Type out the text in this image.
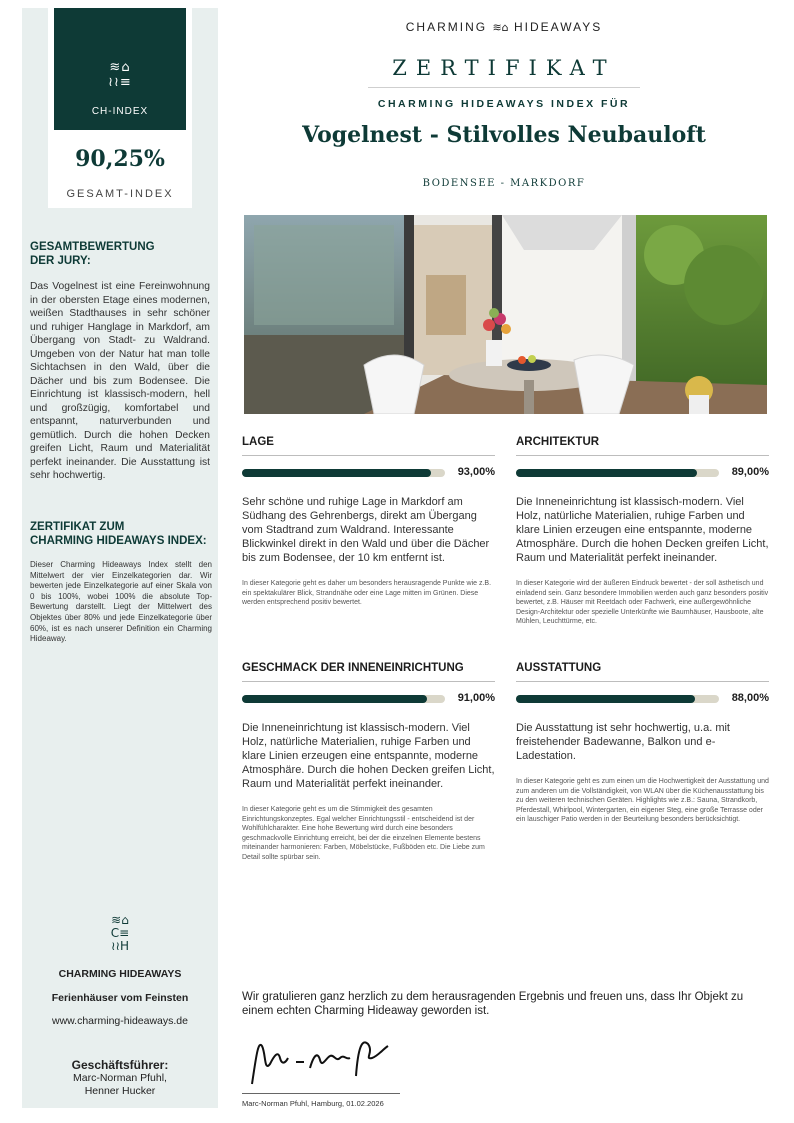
≋⌂
≀≀≡
CH-INDEX
90,25%
GESAMT-INDEX
GESAMTBEWERTUNG
DER JURY:
Das Vogelnest ist eine Fereinwohnung in der obersten Etage eines modernen, weißen Stadthauses in sehr schöner und ruhiger Hanglage in Markdorf, am Übergang von Stadt- zu Waldrand. Umgeben von der Natur hat man tolle Sichtachsen in den Wald, über die Dächer und bis zum Bodensee. Die Einrichtung ist klassisch-modern, hell und großzügig, komfortabel und entspannt, naturverbunden und gemütlich. Durch die hohen Decken greifen Licht, Raum und Materialität perfekt ineinander. Die Ausstattung ist sehr hochwertig.
ZERTIFIKAT ZUM
CHARMING HIDEAWAYS INDEX:
Dieser Charming Hideaways Index stellt den Mittelwert der vier Einzelkategorien dar. Wir bewerten jede Einzelkategorie auf einer Skala von 0 bis 100%, wobei 100% die absolute Top-Bewertung darstellt. Liegt der Mittelwert des Objektes über 80% und jede Einzelkategorie über 60%, ist es nach unserer Definition ein Charming Hideaway.
≋⌂
C≡
≀≀H
CHARMING HIDEAWAYS
Ferienhäuser vom Feinsten
www.charming-hideaways.de
Geschäftsführer:
Marc-Norman Pfuhl,
Henner Hucker
CHARMING ≋⌂ HIDEAWAYS
ZERTIFIKAT
CHARMING HIDEAWAYS INDEX FÜR
Vogelnest - Stilvolles Neubauloft
BODENSEE - MARKDORF
LAGE
93,00%
Sehr schöne und ruhige Lage in Markdorf am Südhang des Gehrenbergs, direkt am Übergang vom Stadtrand zum Waldrand. Interessante Blickwinkel direkt in den Wald und über die Dächer bis zum Bodensee, der 10 km entfernt ist.
In dieser Kategorie geht es daher um besonders herausragende Punkte wie z.B. ein spektakulärer Blick, Strandnähe oder eine Lage mitten im Grünen. Diese werden entsprechend positiv bewertet.
ARCHITEKTUR
89,00%
Die Inneneinrichtung ist klassisch-modern. Viel Holz, natürliche Materialien, ruhige Farben und klare Linien erzeugen eine entspannte, moderne Atmosphäre. Durch die hohen Decken greifen Licht, Raum und Materialität perfekt ineinander.
In dieser Kategorie wird der äußeren Eindruck bewertet - der soll ästhetisch und einladend sein. Ganz besondere Immobilien werden auch ganz besonders positiv bewertet, z.B. Häuser mit Reetdach oder Fachwerk, eine außergewöhnliche Design-Architektur oder spezielle Unterkünfte wie Baumhäuser, Hausboote, alte Mühlen, Leuchttürme, etc.
GESCHMACK DER INNENEINRICHTUNG
91,00%
Die Inneneinrichtung ist klassisch-modern. Viel Holz, natürliche Materialien, ruhige Farben und klare Linien erzeugen eine entspannte, moderne Atmosphäre. Durch die hohen Decken greifen Licht, Raum und Materialität perfekt ineinander.
In dieser Kategorie geht es um die Stimmigkeit des gesamten Einrichtungskonzeptes. Egal welcher Einrichtungsstil - entscheidend ist der Wohlfühlcharakter. Eine hohe Bewertung wird durch eine besonders geschmackvolle Einrichtung erreicht, bei der die einzelnen Elemente bestens miteinander harmonieren: Farben, Möbelstücke, Fußböden etc. Die Liebe zum Detail sollte spürbar sein.
AUSSTATTUNG
88,00%
Die Ausstattung ist sehr hochwertig, u.a. mit freistehender Badewanne, Balkon und e-Ladestation.
In dieser Kategorie geht es zum einen um die Hochwertigkeit der Ausstattung und zum anderen um die Vollständigkeit, von WLAN über die Küchenausstattung bis zu den weiteren technischen Geräten. Highlights wie z.B.: Sauna, Strandkorb, Pferdestall, Whirlpool, Wintergarten, ein eigener Steg, eine große Terrasse oder ein lauschiger Patio werden in der Beurteilung besonders berücksichtigt.
Wir gratulieren ganz herzlich zu dem herausragenden Ergebnis und freuen uns, dass Ihr Objekt zu einem echten Charming Hideaway geworden ist.
Marc-Norman Pfuhl, Hamburg, 01.02.2026
